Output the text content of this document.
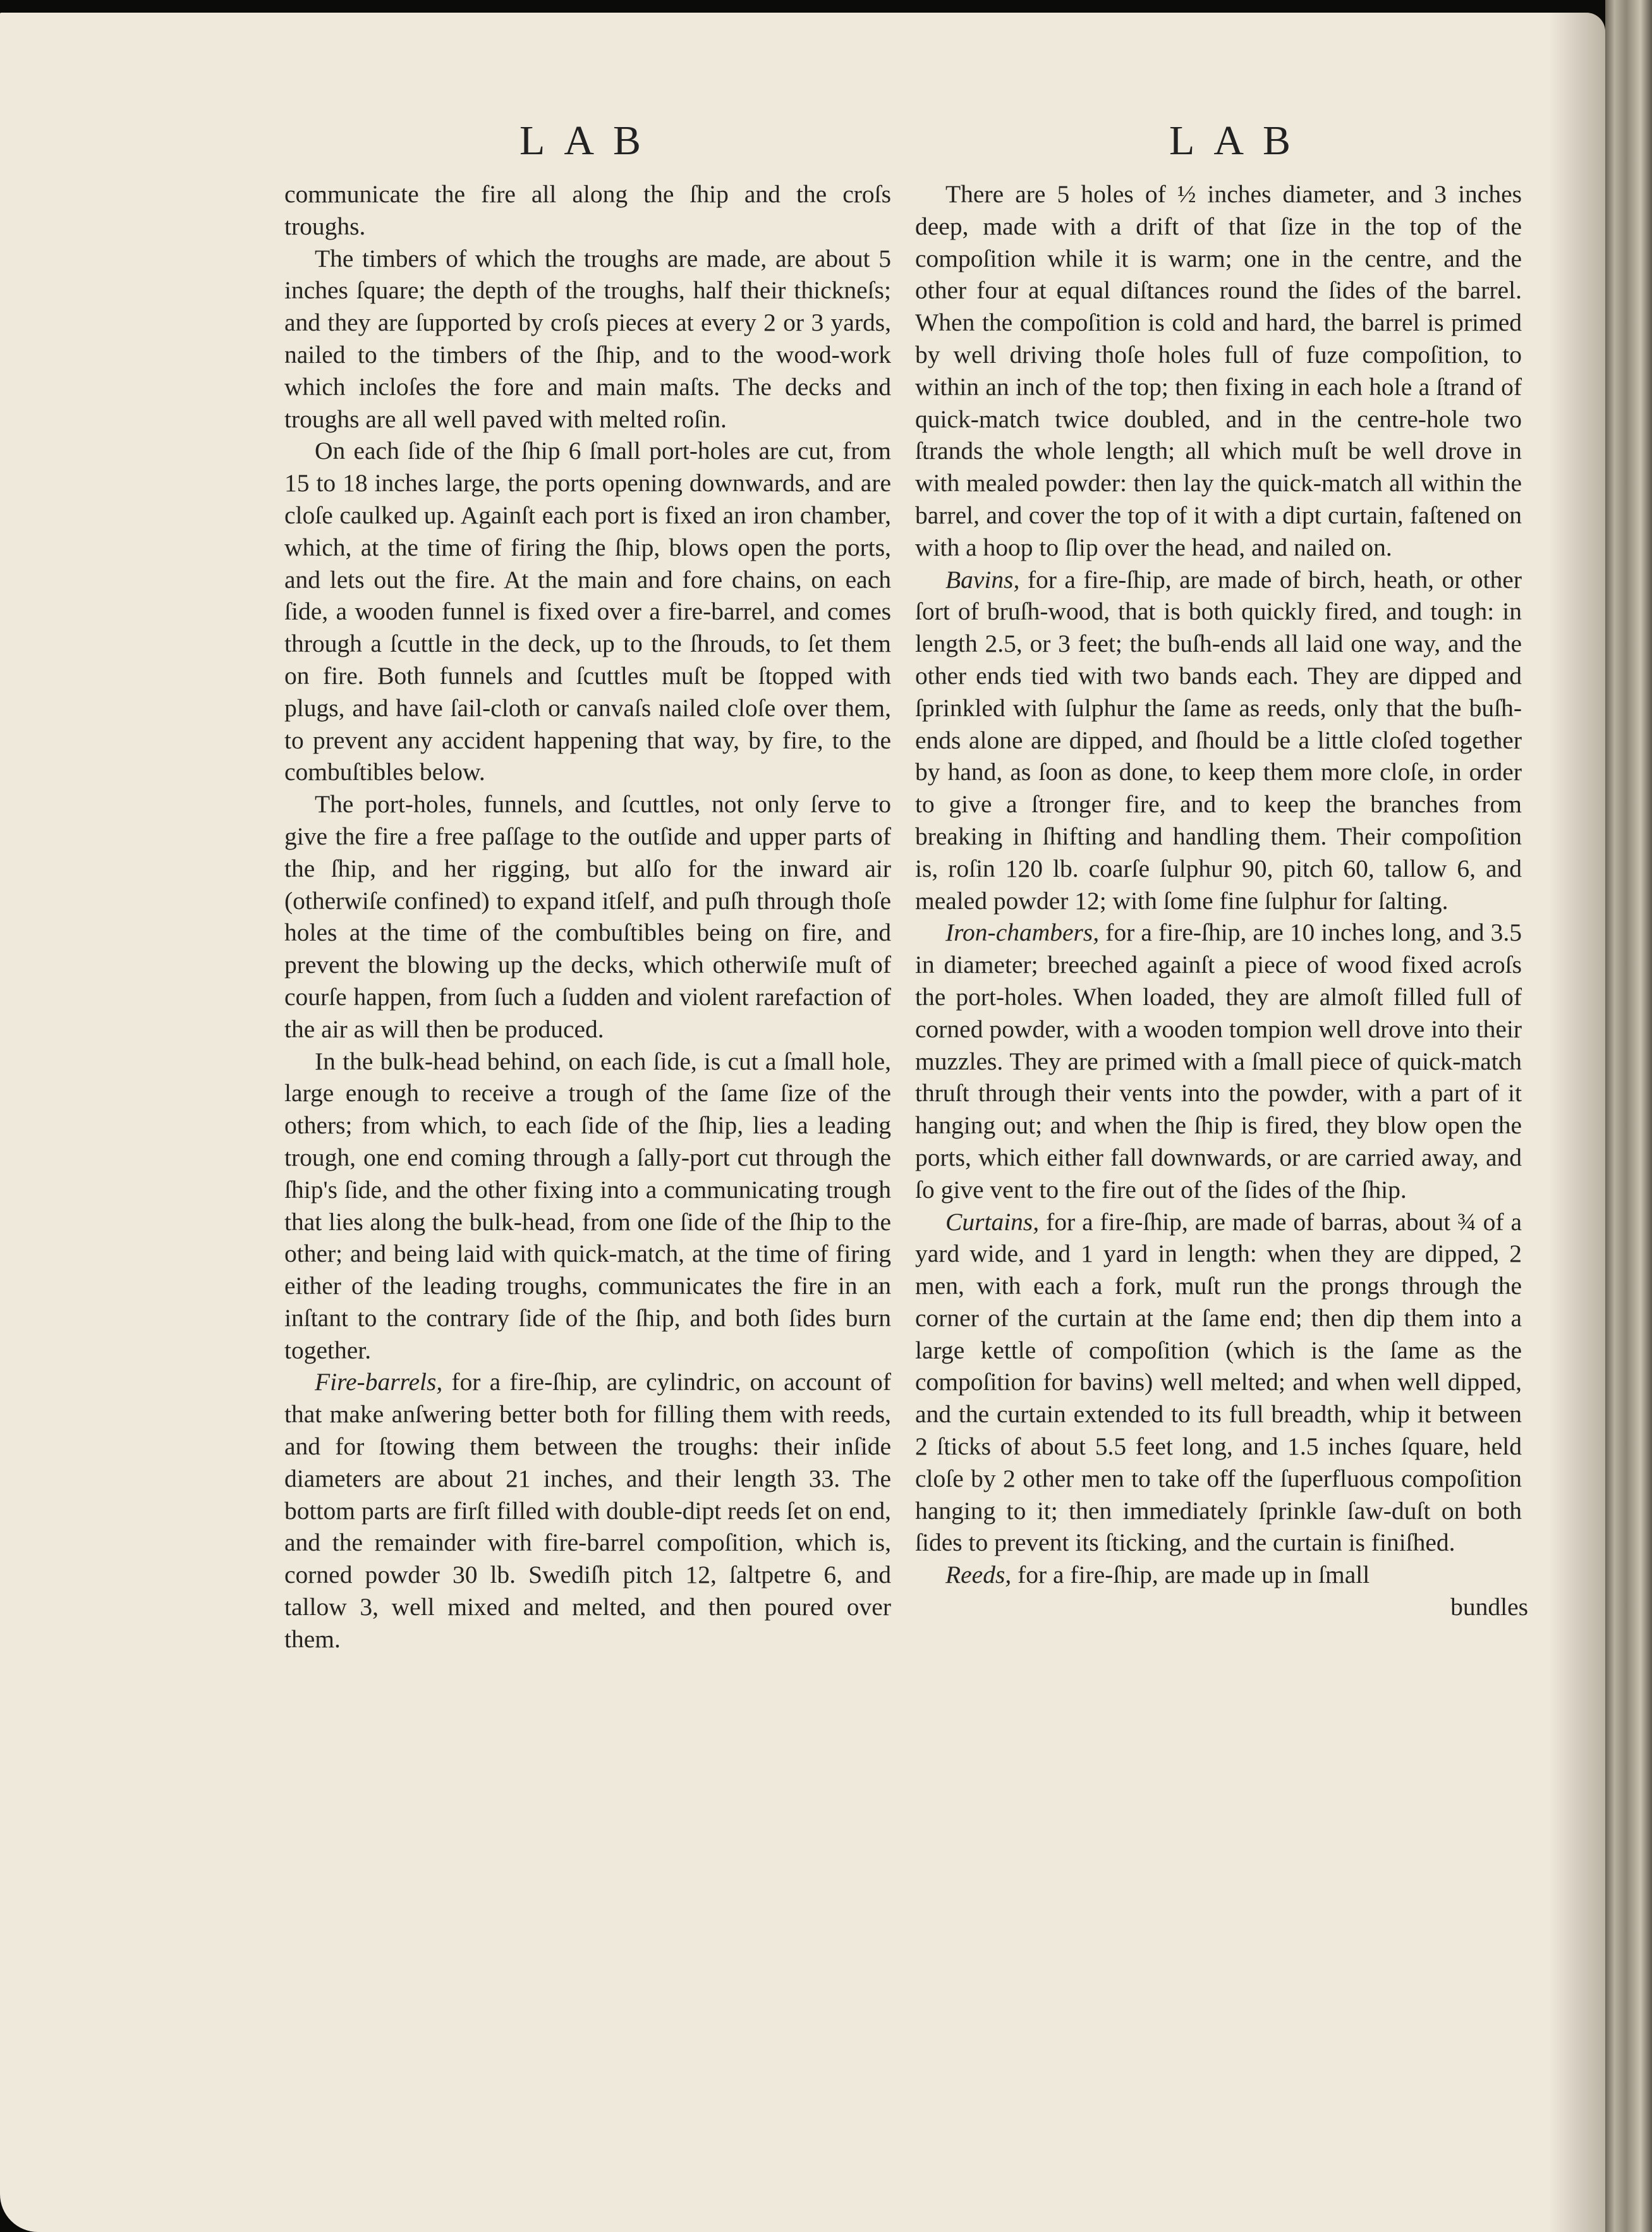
LAB	LAB

communicate the fire all along the ſhip and the croſs troughs.

The timbers of which the troughs are made, are about 5 inches ſquare; the depth of the troughs, half their thickneſs; and they are ſupported by croſs pieces at every 2 or 3 yards, nailed to the timbers of the ſhip, and to the wood-work which incloſes the fore and main maſts. The decks and troughs are all well paved with melted roſin.

On each ſide of the ſhip 6 ſmall port-holes are cut, from 15 to 18 inches large, the ports opening downwards, and are cloſe caulked up. Againſt each port is fixed an iron chamber, which, at the time of firing the ſhip, blows open the ports, and lets out the fire. At the main and fore chains, on each ſide, a wooden funnel is fixed over a fire-barrel, and comes through a ſcuttle in the deck, up to the ſhrouds, to ſet them on fire. Both funnels and ſcuttles muſt be ſtopped with plugs, and have ſail-cloth or canvaſs nailed cloſe over them, to prevent any accident happening that way, by fire, to the combuſtibles below.

The port-holes, funnels, and ſcuttles, not only ſerve to give the fire a free paſſage to the outſide and upper parts of the ſhip, and her rigging, but alſo for the inward air (otherwiſe confined) to expand itſelf, and puſh through thoſe holes at the time of the combuſtibles being on fire, and prevent the blowing up the decks, which otherwiſe muſt of courſe happen, from ſuch a ſudden and violent rarefaction of the air as will then be produced.

In the bulk-head behind, on each ſide, is cut a ſmall hole, large enough to receive a trough of the ſame ſize of the others; from which, to each ſide of the ſhip, lies a leading trough, one end coming through a ſally-port cut through the ſhip's ſide, and the other fixing into a communicating trough that lies along the bulk-head, from one ſide of the ſhip to the other; and being laid with quick-match, at the time of firing either of the leading troughs, communicates the fire in an inſtant to the contrary ſide of the ſhip, and both ſides burn together.

Fire-barrels, for a fire-ſhip, are cylindric, on account of that make anſwering better both for filling them with reeds, and for ſtowing them between the troughs: their inſide diameters are about 21 inches, and their length 33. The bottom parts are firſt filled with double-dipt reeds ſet on end, and the remainder with fire-barrel compoſition, which is, corned powder 30 lb. Swediſh pitch 12, ſaltpetre 6, and tallow 3, well mixed and melted, and then poured over them.

There are 5 holes of ½ inches diameter, and 3 inches deep, made with a drift of that ſize in the top of the compoſition while it is warm; one in the centre, and the other four at equal diſtances round the ſides of the barrel. When the compoſition is cold and hard, the barrel is primed by well driving thoſe holes full of fuze compoſition, to within an inch of the top; then fixing in each hole a ſtrand of quick-match twice doubled, and in the centre-hole two ſtrands the whole length; all which muſt be well drove in with mealed powder: then lay the quick-match all within the barrel, and cover the top of it with a dipt curtain, faſtened on with a hoop to ſlip over the head, and nailed on.

Bavins, for a fire-ſhip, are made of birch, heath, or other ſort of bruſh-wood, that is both quickly fired, and tough: in length 2.5, or 3 feet; the buſh-ends all laid one way, and the other ends tied with two bands each. They are dipped and ſprinkled with ſulphur the ſame as reeds, only that the buſh-ends alone are dipped, and ſhould be a little cloſed together by hand, as ſoon as done, to keep them more cloſe, in order to give a ſtronger fire, and to keep the branches from breaking in ſhifting and handling them. Their compoſition is, roſin 120 lb. coarſe ſulphur 90, pitch 60, tallow 6, and mealed powder 12; with ſome fine ſulphur for ſalting.

Iron-chambers, for a fire-ſhip, are 10 inches long, and 3.5 in diameter; breeched againſt a piece of wood fixed acroſs the port-holes. When loaded, they are almoſt filled full of corned powder, with a wooden tompion well drove into their muzzles. They are primed with a ſmall piece of quick-match thruſt through their vents into the powder, with a part of it hanging out; and when the ſhip is fired, they blow open the ports, which either fall downwards, or are carried away, and ſo give vent to the fire out of the ſides of the ſhip.

Curtains, for a fire-ſhip, are made of barras, about ¾ of a yard wide, and 1 yard in length: when they are dipped, 2 men, with each a fork, muſt run the prongs through the corner of the curtain at the ſame end; then dip them into a large kettle of compoſition (which is the ſame as the compoſition for bavins) well melted; and when well dipped, and the curtain extended to its full breadth, whip it between 2 ſticks of about 5.5 feet long, and 1.5 inches ſquare, held cloſe by 2 other men to take off the ſuperfluous compoſition hanging to it; then immediately ſprinkle ſaw-duſt on both ſides to prevent its ſticking, and the curtain is finiſhed.

Reeds, for a fire-ſhip, are made up in ſmall

bundles
